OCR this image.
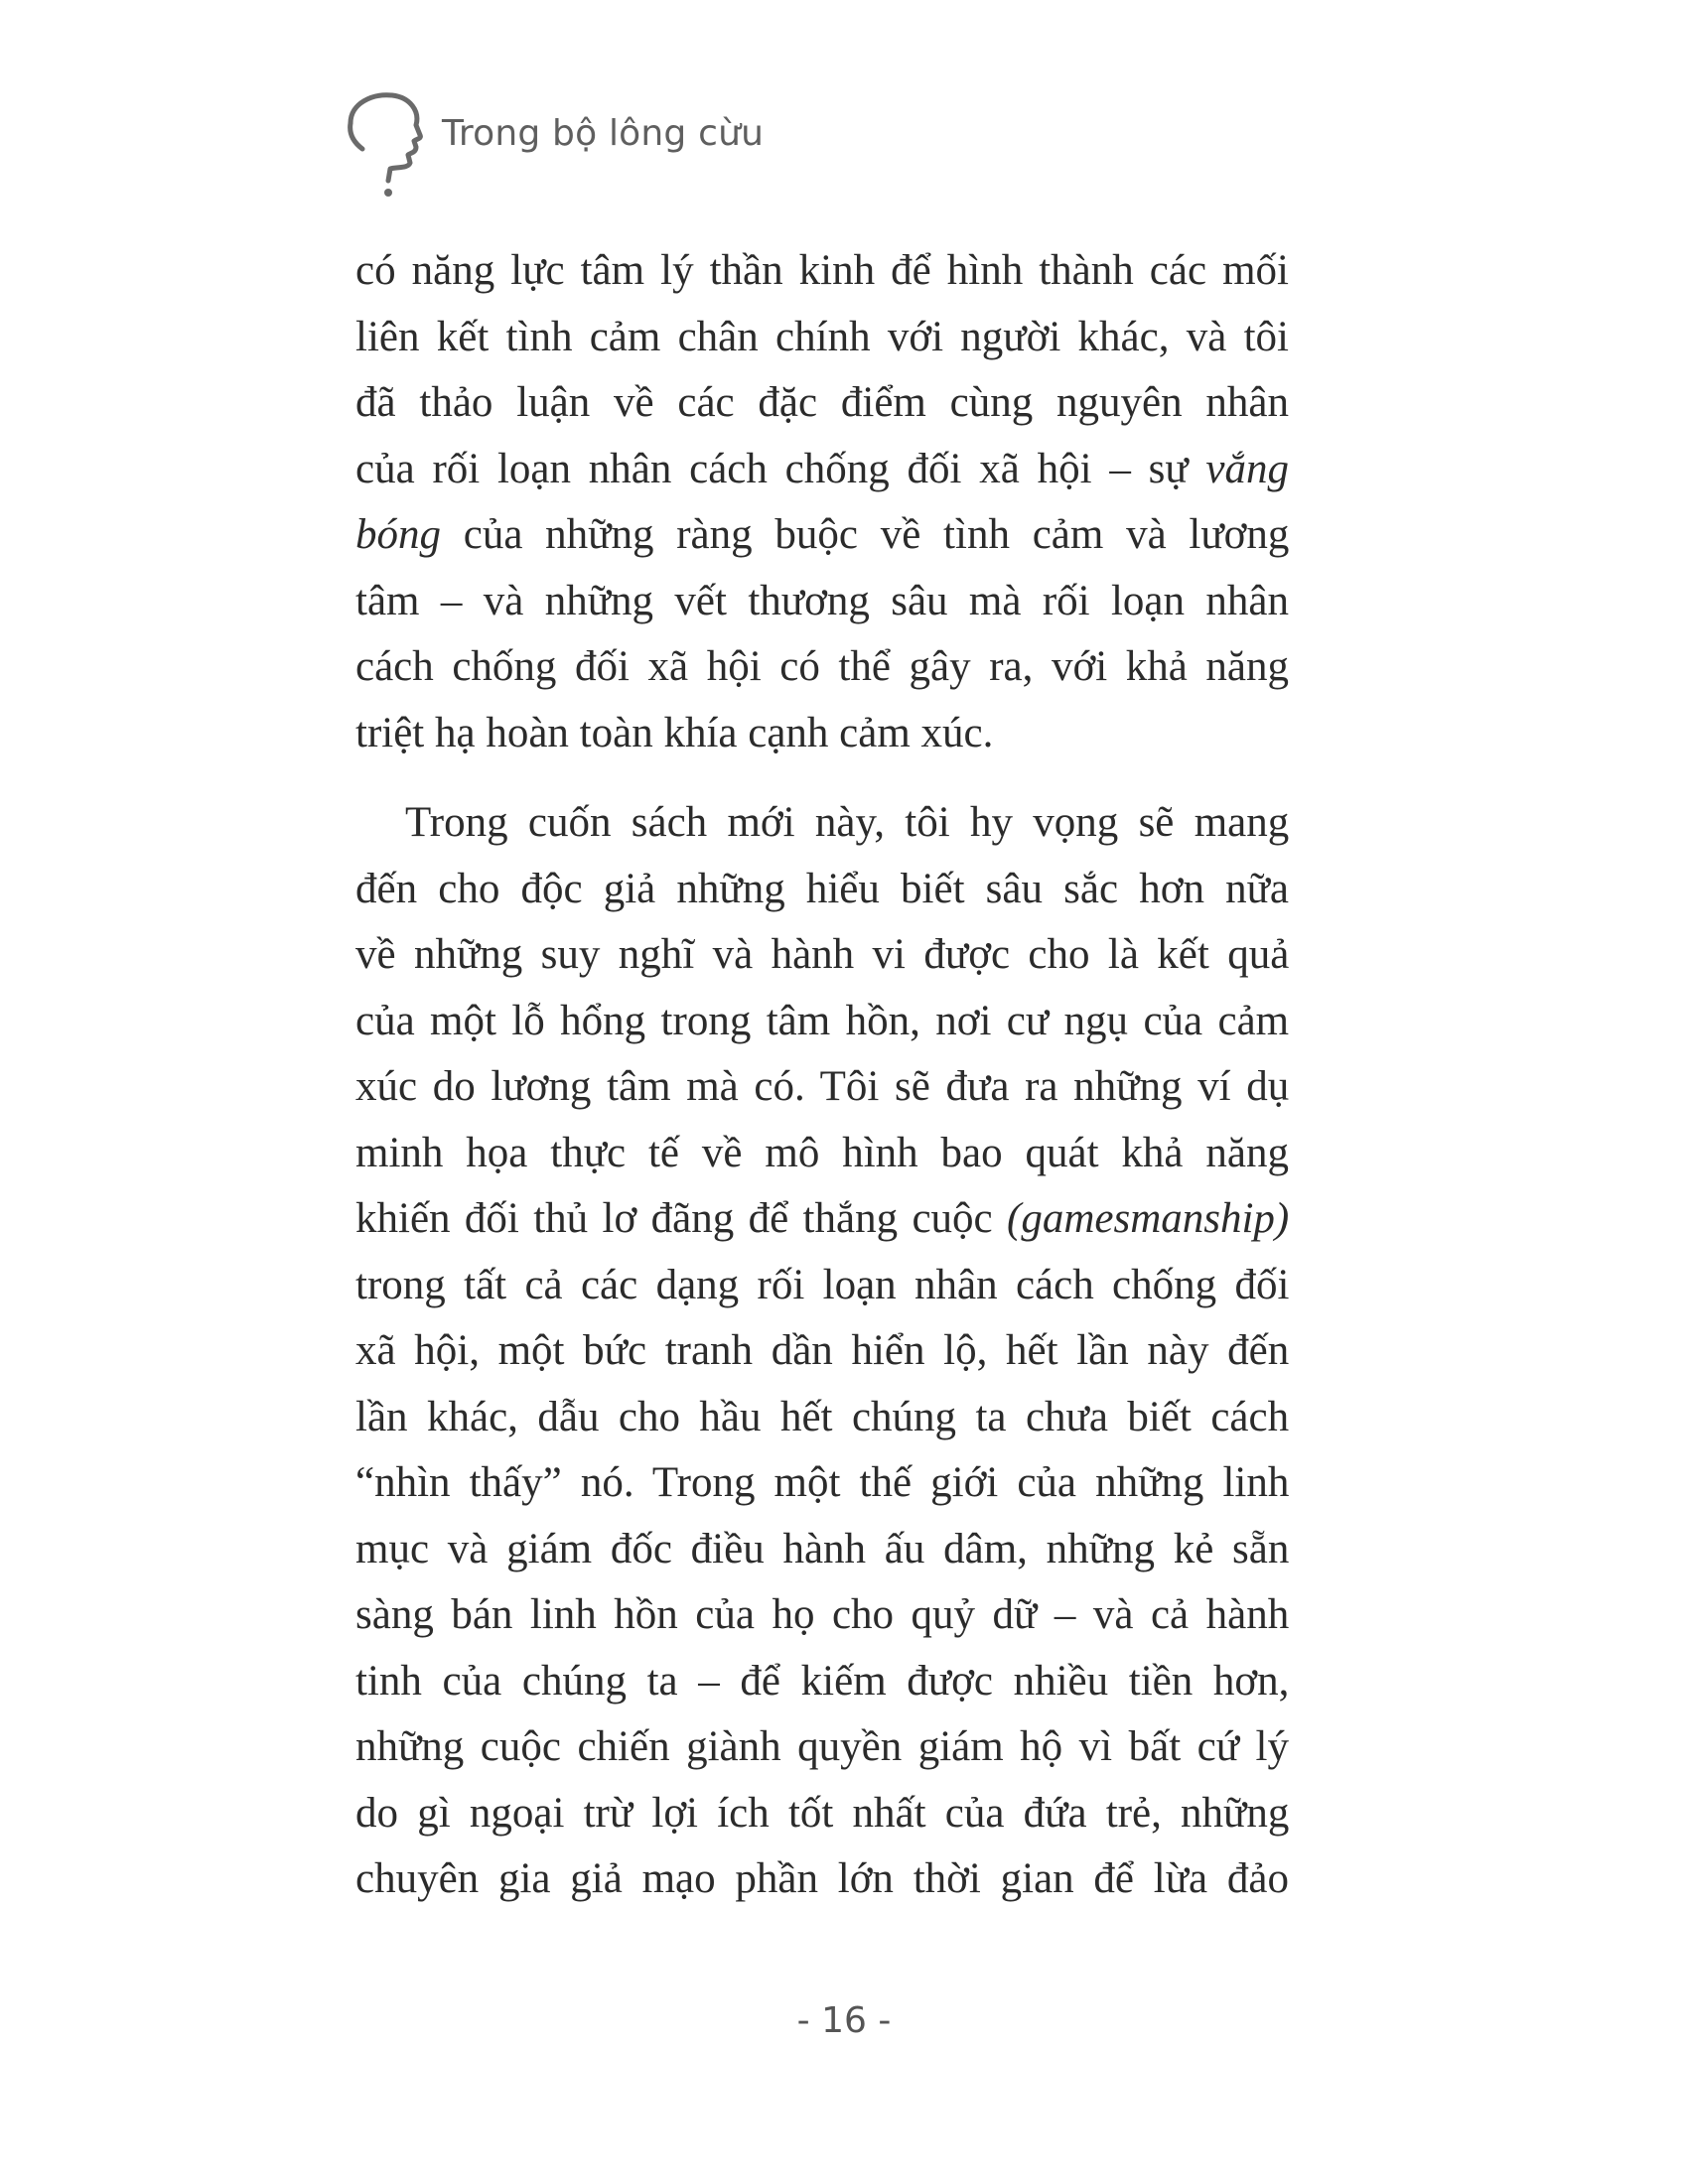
Trong bộ lông cừu
có năng lực tâm lý thần kinh để hình thành các mối
liên kết tình cảm chân chính với người khác, và tôi
đã thảo luận về các đặc điểm cùng nguyên nhân
của rối loạn nhân cách chống đối xã hội – sự vắng
bóng của những ràng buộc về tình cảm và lương
tâm – và những vết thương sâu mà rối loạn nhân
cách chống đối xã hội có thể gây ra, với khả năng
triệt hạ hoàn toàn khía cạnh cảm xúc.
Trong cuốn sách mới này, tôi hy vọng sẽ mang
đến cho độc giả những hiểu biết sâu sắc hơn nữa
về những suy nghĩ và hành vi được cho là kết quả
của một lỗ hổng trong tâm hồn, nơi cư ngụ của cảm
xúc do lương tâm mà có. Tôi sẽ đưa ra những ví dụ
minh họa thực tế về mô hình bao quát khả năng
khiến đối thủ lơ đãng để thắng cuộc (gamesmanship)
trong tất cả các dạng rối loạn nhân cách chống đối
xã hội, một bức tranh dần hiển lộ, hết lần này đến
lần khác, dẫu cho hầu hết chúng ta chưa biết cách
“nhìn thấy” nó. Trong một thế giới của những linh
mục và giám đốc điều hành ấu dâm, những kẻ sẵn
sàng bán linh hồn của họ cho quỷ dữ – và cả hành
tinh của chúng ta – để kiếm được nhiều tiền hơn,
những cuộc chiến giành quyền giám hộ vì bất cứ lý
do gì ngoại trừ lợi ích tốt nhất của đứa trẻ, những
chuyên gia giả mạo phần lớn thời gian để lừa đảo
- 16 -
